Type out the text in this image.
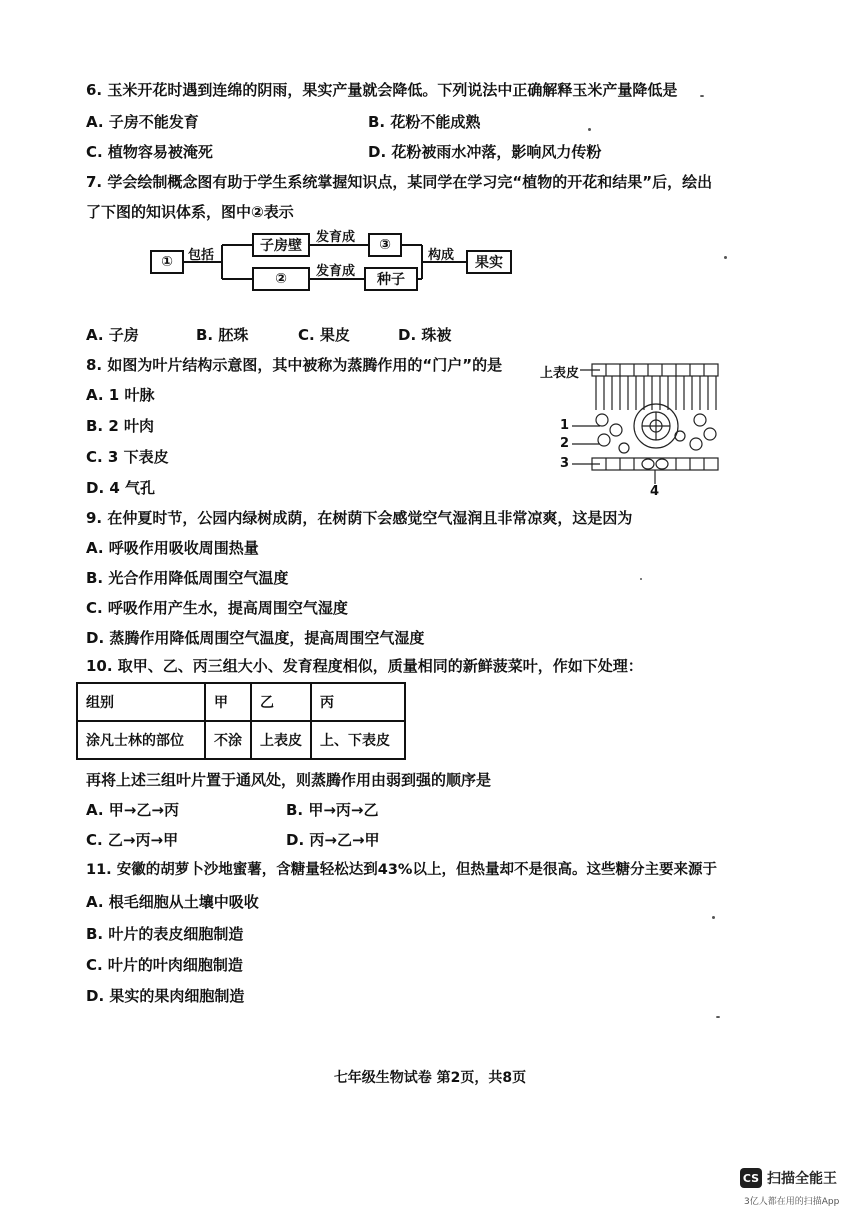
6. 玉米开花时遇到连绵的阴雨，果实产量就会降低。下列说法中正确解释玉米产量降低是
A. 子房不能发育	B. 花粉不能成熟
C. 植物容易被淹死	D. 花粉被雨水冲落，影响风力传粉
7. 学会绘制概念图有助于学生系统掌握知识点，某同学在学习完“植物的开花和结果”后，绘出
了下图的知识体系，图中②表示
①	包括
子房壁
②
发育成
发育成
③
种子
构成	果实
A. 子房	B. 胚珠	C. 果皮	D. 珠被
8. 如图为叶片结构示意图，其中被称为蒸腾作用的“门户”的是
A. 1 叶脉
B. 2 叶肉
C. 3 下表皮
D. 4 气孔
上表皮
1
2
3
4
9. 在仲夏时节，公园内绿树成荫，在树荫下会感觉空气湿润且非常凉爽，这是因为
A. 呼吸作用吸收周围热量
B. 光合作用降低周围空气温度
C. 呼吸作用产生水，提高周围空气湿度
D. 蒸腾作用降低周围空气温度，提高周围空气湿度
10. 取甲、乙、丙三组大小、发育程度相似，质量相同的新鲜菠菜叶，作如下处理：
组别	甲	乙	丙
涂凡士林的部位	不涂	上表皮	上、下表皮
再将上述三组叶片置于通风处，则蒸腾作用由弱到强的顺序是
A. 甲→乙→丙	B. 甲→丙→乙
C. 乙→丙→甲	D. 丙→乙→甲
11. 安徽的胡萝卜沙地蜜薯，含糖量轻松达到43%以上，但热量却不是很高。这些糖分主要来源于
A. 根毛细胞从土壤中吸收
B. 叶片的表皮细胞制造
C. 叶片的叶肉细胞制造
D. 果实的果肉细胞制造
七年级生物试卷 第2页，共8页
CS 扫描全能王
3亿人都在用的扫描App
